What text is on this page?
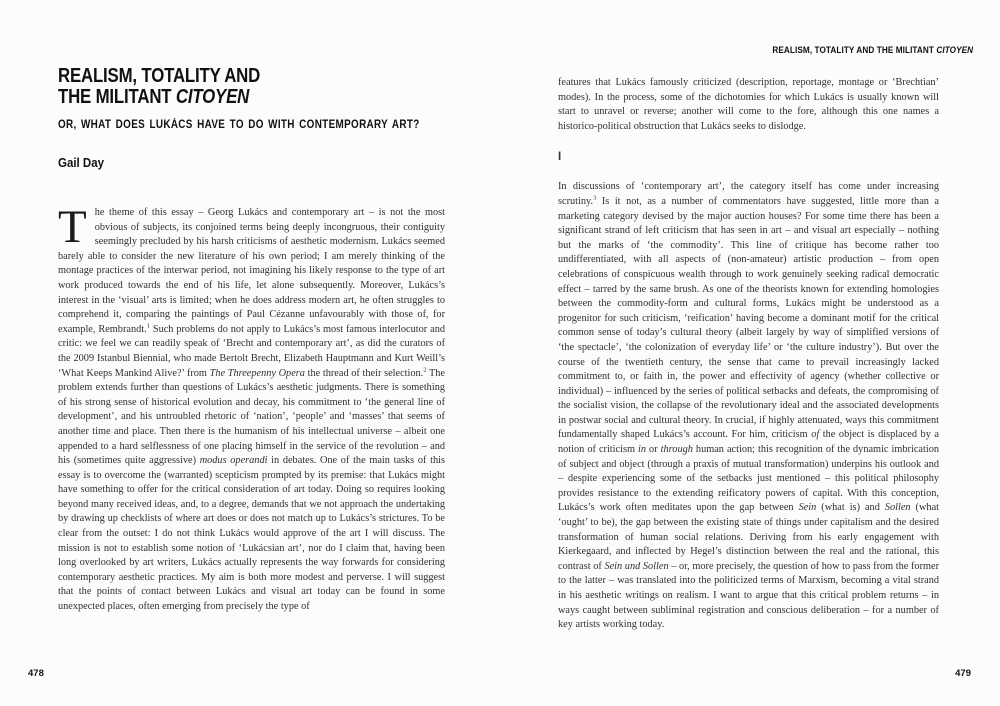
REALISM, TOTALITY AND
THE MILITANT CITOYEN
OR, WHAT DOES LUKÁCS HAVE TO DO WITH CONTEMPORARY ART?
Gail Day

The theme of this essay – Georg Lukács and contemporary art – is not the most obvious of subjects, its conjoined terms being deeply incongruous, their contiguity seemingly precluded by his harsh criticisms of aesthetic modernism. Lukács seemed barely able to consider the new literature of his own period; I am merely thinking of the montage practices of the interwar period, not imagining his likely response to the type of art work produced towards the end of his life, let alone subsequently. Moreover, Lukács’s interest in the ‘visual’ arts is limited; when he does address modern art, he often struggles to comprehend it, comparing the paintings of Paul Cézanne unfavourably with those of, for example, Rembrandt.$^1$ Such problems do not apply to Lukács’s most famous interlocutor and critic: we feel we can readily speak of ‘Brecht and contemporary art’, as did the curators of the 2009 Istanbul Biennial, who made Bertolt Brecht, Elizabeth Hauptmann and Kurt Weill’s ‘What Keeps Mankind Alive?’ from The Threepenny Opera the thread of their selection.$^2$ The problem extends further than questions of Lukács’s aesthetic judgments. There is something of his strong sense of historical evolution and decay, his commitment to ‘the general line of development’, and his untroubled rhetoric of ‘nation’, ‘people’ and ‘masses’ that seems of another time and place. Then there is the humanism of his intellectual universe – albeit one appended to a hard selflessness of one placing himself in the service of the revolution – and his (sometimes quite aggressive) modus operandi in debates. One of the main tasks of this essay is to overcome the (warranted) scepticism prompted by its premise: that Lukács might have something to offer for the critical consideration of art today. Doing so requires looking beyond many received ideas, and, to a degree, demands that we not approach the undertaking by drawing up checklists of where art does or does not match up to Lukács’s strictures. To be clear from the outset: I do not think Lukács would approve of the art I will discuss. The mission is not to establish some notion of ‘Lukácsian art’, nor do I claim that, having been long overlooked by art writers, Lukács actually represents the way forwards for considering contemporary aesthetic practices. My aim is both more modest and perverse. I will suggest that the points of contact between Lukács and visual art today can be found in some unexpected places, often emerging from precisely the type of

REALISM, TOTALITY AND THE MILITANT CITOYEN

features that Lukács famously criticized (description, reportage, montage or ‘Brechtian’ modes). In the process, some of the dichotomies for which Lukács is usually known will start to unravel or reverse; another will come to the fore, although this one names a historico-political obstruction that Lukács seeks to dislodge.

I

In discussions of ‘contemporary art’, the category itself has come under increasing scrutiny.$^3$ Is it not, as a number of commentators have suggested, little more than a marketing category devised by the major auction houses? For some time there has been a significant strand of left criticism that has seen in art – and visual art especially – nothing but the marks of ‘the commodity’. This line of critique has become rather too undifferentiated, with all aspects of (non-amateur) artistic production – from open celebrations of conspicuous wealth through to work genuinely seeking radical democratic effect – tarred by the same brush. As one of the theorists known for extending homologies between the commodity-form and cultural forms, Lukács might be understood as a progenitor for such criticism, ‘reification’ having become a dominant motif for the critical common sense of today’s cultural theory (albeit largely by way of simplified versions of ‘the spectacle’, ‘the colonization of everyday life’ or ‘the culture industry’). But over the course of the twentieth century, the sense that came to prevail increasingly lacked commitment to, or faith in, the power and effectivity of agency (whether collective or individual) – influenced by the series of political setbacks and defeats, the compromising of the socialist vision, the collapse of the revolutionary ideal and the associated developments in postwar social and cultural theory. In crucial, if highly attenuated, ways this commitment fundamentally shaped Lukács’s account. For him, criticism of the object is displaced by a notion of criticism in or through human action; this recognition of the dynamic imbrication of subject and object (through a praxis of mutual transformation) underpins his outlook and – despite experiencing some of the setbacks just mentioned – this political philosophy provides resistance to the extending reificatory powers of capital. With this conception, Lukács’s work often meditates upon the gap between Sein (what is) and Sollen (what ‘ought’ to be), the gap between the existing state of things under capitalism and the desired transformation of human social relations. Deriving from his early engagement with Kierkegaard, and inflected by Hegel’s distinction between the real and the rational, this contrast of Sein und Sollen – or, more precisely, the question of how to pass from the former to the latter – was translated into the politicized terms of Marxism, becoming a vital strand in his aesthetic writings on realism. I want to argue that this critical problem returns – in ways caught between subliminal registration and conscious deliberation – for a number of key artists working today.

478	479
